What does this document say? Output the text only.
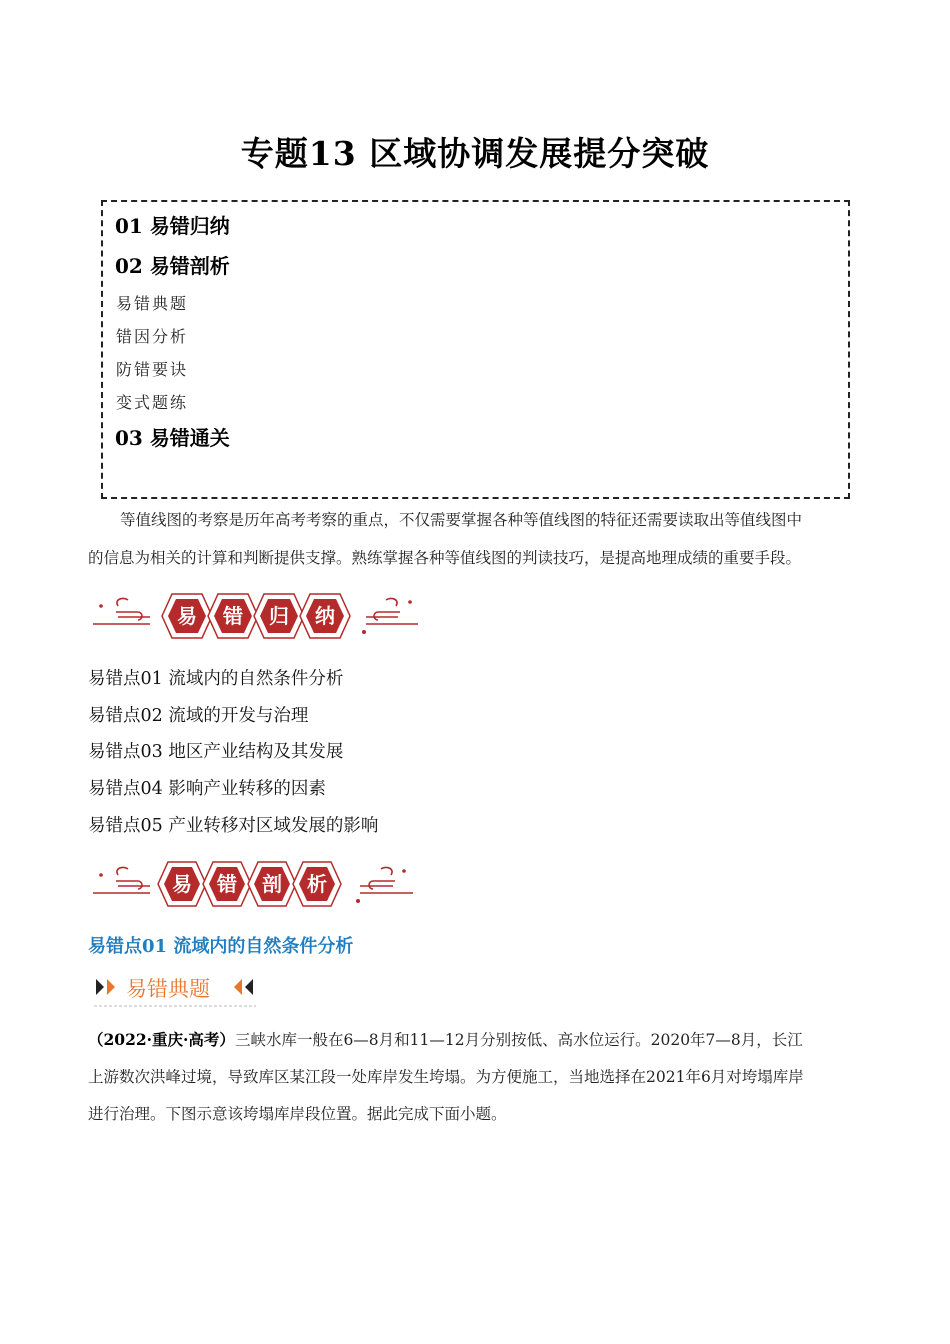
专题13 区域协调发展提分突破
01 易错归纳
02 易错剖析
易错典题
错因分析
防错要诀
变式题练
03 易错通关
等值线图的考察是历年高考考察的重点，不仅需要掌握各种等值线图的特征还需要读取出等值线图中
的信息为相关的计算和判断提供支撑。熟练掌握各种等值线图的判读技巧，是提高地理成绩的重要手段。
易 错 归 纳
易错点01 流域内的自然条件分析
易错点02 流域的开发与治理
易错点03 地区产业结构及其发展
易错点04 影响产业转移的因素
易错点05 产业转移对区域发展的影响
易 错 剖 析
易错点01 流域内的自然条件分析
易错典题
（2022·重庆·高考）三峡水库一般在6—8月和11—12月分别按低、高水位运行。2020年7—8月，长江
上游数次洪峰过境，导致库区某江段一处库岸发生垮塌。为方便施工，当地选择在2021年6月对垮塌库岸
进行治理。下图示意该垮塌库岸段位置。据此完成下面小题。
